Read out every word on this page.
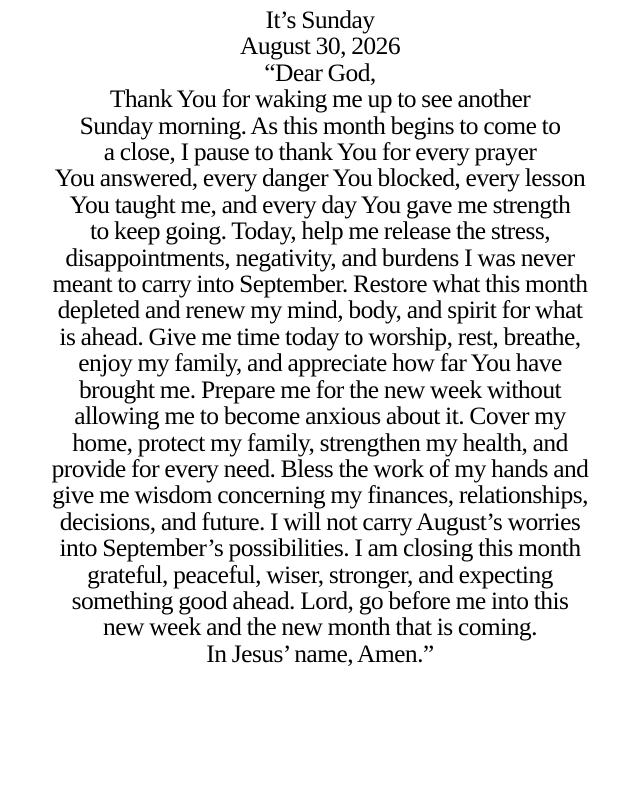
It’s Sunday
August 30, 2026
“Dear God,
Thank You for waking me up to see another
Sunday morning. As this month begins to come to
a close, I pause to thank You for every prayer
You answered, every danger You blocked, every lesson
You taught me, and every day You gave me strength
to keep going. Today, help me release the stress,
disappointments, negativity, and burdens I was never
meant to carry into September. Restore what this month
depleted and renew my mind, body, and spirit for what
is ahead. Give me time today to worship, rest, breathe,
enjoy my family, and appreciate how far You have
brought me. Prepare me for the new week without
allowing me to become anxious about it. Cover my
home, protect my family, strengthen my health, and
provide for every need. Bless the work of my hands and
give me wisdom concerning my finances, relationships,
decisions, and future. I will not carry August’s worries
into September’s possibilities. I am closing this month
grateful, peaceful, wiser, stronger, and expecting
something good ahead. Lord, go before me into this
new week and the new month that is coming.
In Jesus’ name, Amen.”
